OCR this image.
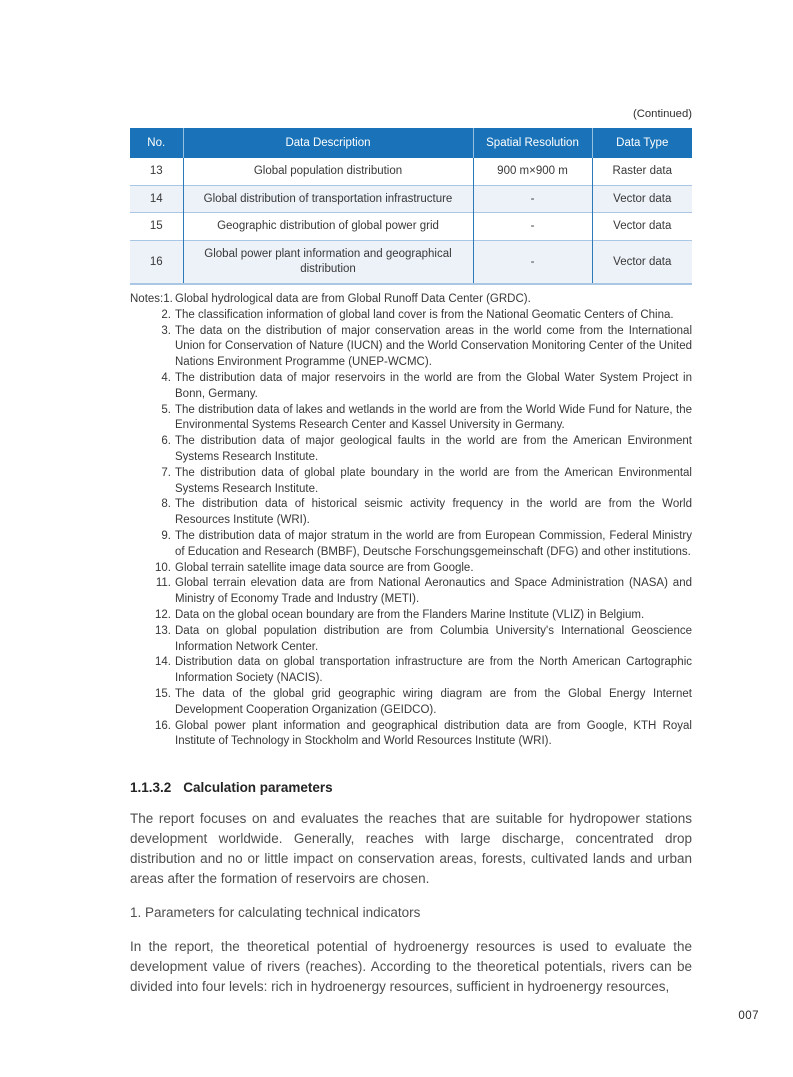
(Continued)
No.	Data Description	Spatial Resolution	Data Type
13	Global population distribution	900 m×900 m	Raster data
14	Global distribution of transportation infrastructure	-	Vector data
15	Geographic distribution of global power grid	-	Vector data
16	Global power plant information and geographical distribution	-	Vector data
Notes:1. Global hydrological data are from Global Runoff Data Center (GRDC).
2. The classification information of global land cover is from the National Geomatic Centers of China.
3. The data on the distribution of major conservation areas in the world come from the International Union for Conservation of Nature (IUCN) and the World Conservation Monitoring Center of the United Nations Environment Programme (UNEP-WCMC).
4. The distribution data of major reservoirs in the world are from the Global Water System Project in Bonn, Germany.
5. The distribution data of lakes and wetlands in the world are from the World Wide Fund for Nature, the Environmental Systems Research Center and Kassel University in Germany.
6. The distribution data of major geological faults in the world are from the American Environment Systems Research Institute.
7. The distribution data of global plate boundary in the world are from the American Environmental Systems Research Institute.
8. The distribution data of historical seismic activity frequency in the world are from the World Resources Institute (WRI).
9. The distribution data of major stratum in the world are from European Commission, Federal Ministry of Education and Research (BMBF), Deutsche Forschungsgemeinschaft (DFG) and other institutions.
10. Global terrain satellite image data source are from Google.
11. Global terrain elevation data are from National Aeronautics and Space Administration (NASA) and Ministry of Economy Trade and Industry (METI).
12. Data on the global ocean boundary are from the Flanders Marine Institute (VLIZ) in Belgium.
13. Data on global population distribution are from Columbia University's International Geoscience Information Network Center.
14. Distribution data on global transportation infrastructure are from the North American Cartographic Information Society (NACIS).
15. The data of the global grid geographic wiring diagram are from the Global Energy Internet Development Cooperation Organization (GEIDCO).
16. Global power plant information and geographical distribution data are from Google, KTH Royal Institute of Technology in Stockholm and World Resources Institute (WRI).
1.1.3.2 Calculation parameters

The report focuses on and evaluates the reaches that are suitable for hydropower stations development worldwide. Generally, reaches with large discharge, concentrated drop distribution and no or little impact on conservation areas, forests, cultivated lands and urban areas after the formation of reservoirs are chosen.

1. Parameters for calculating technical indicators

In the report, the theoretical potential of hydroenergy resources is used to evaluate the development value of rivers (reaches). According to the theoretical potentials, rivers can be divided into four levels: rich in hydroenergy resources, sufficient in hydroenergy resources,

007
